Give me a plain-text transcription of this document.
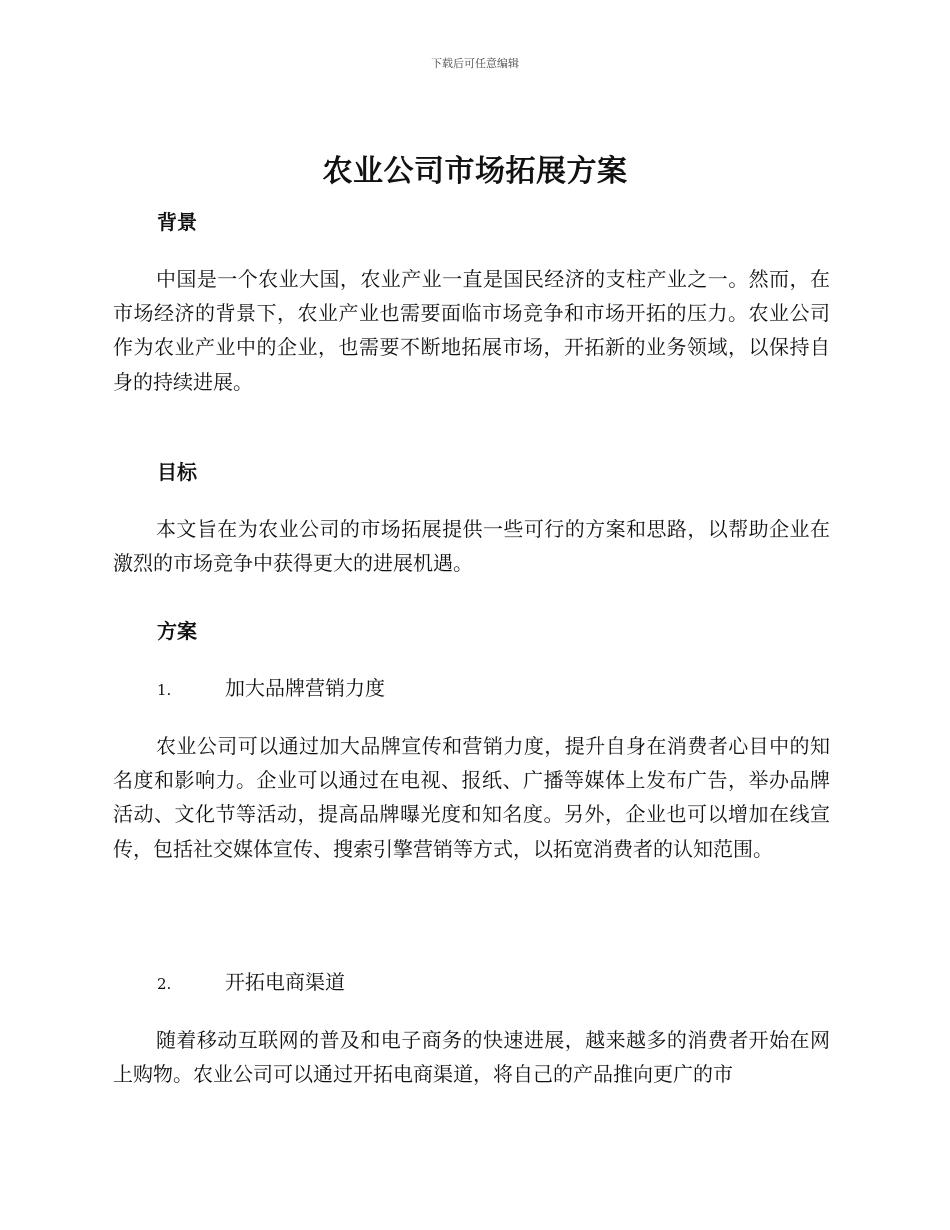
下载后可任意编辑
农业公司市场拓展方案
背景

中国是一个农业大国，农业产业一直是国民经济的支柱产业之一。然而，在市场经济的背景下，农业产业也需要面临市场竞争和市场开拓的压力。农业公司作为农业产业中的企业，也需要不断地拓展市场，开拓新的业务领域，以保持自身的持续进展。

目标

本文旨在为农业公司的市场拓展提供一些可行的方案和思路，以帮助企业在激烈的市场竞争中获得更大的进展机遇。

方案
1.	加大品牌营销力度

农业公司可以通过加大品牌宣传和营销力度，提升自身在消费者心目中的知名度和影响力。企业可以通过在电视、报纸、广播等媒体上发布广告，举办品牌活动、文化节等活动，提高品牌曝光度和知名度。另外，企业也可以增加在线宣传，包括社交媒体宣传、搜索引擎营销等方式，以拓宽消费者的认知范围。

2.	开拓电商渠道

随着移动互联网的普及和电子商务的快速进展，越来越多的消费者开始在网上购物。农业公司可以通过开拓电商渠道，将自己的产品推向更广的市
